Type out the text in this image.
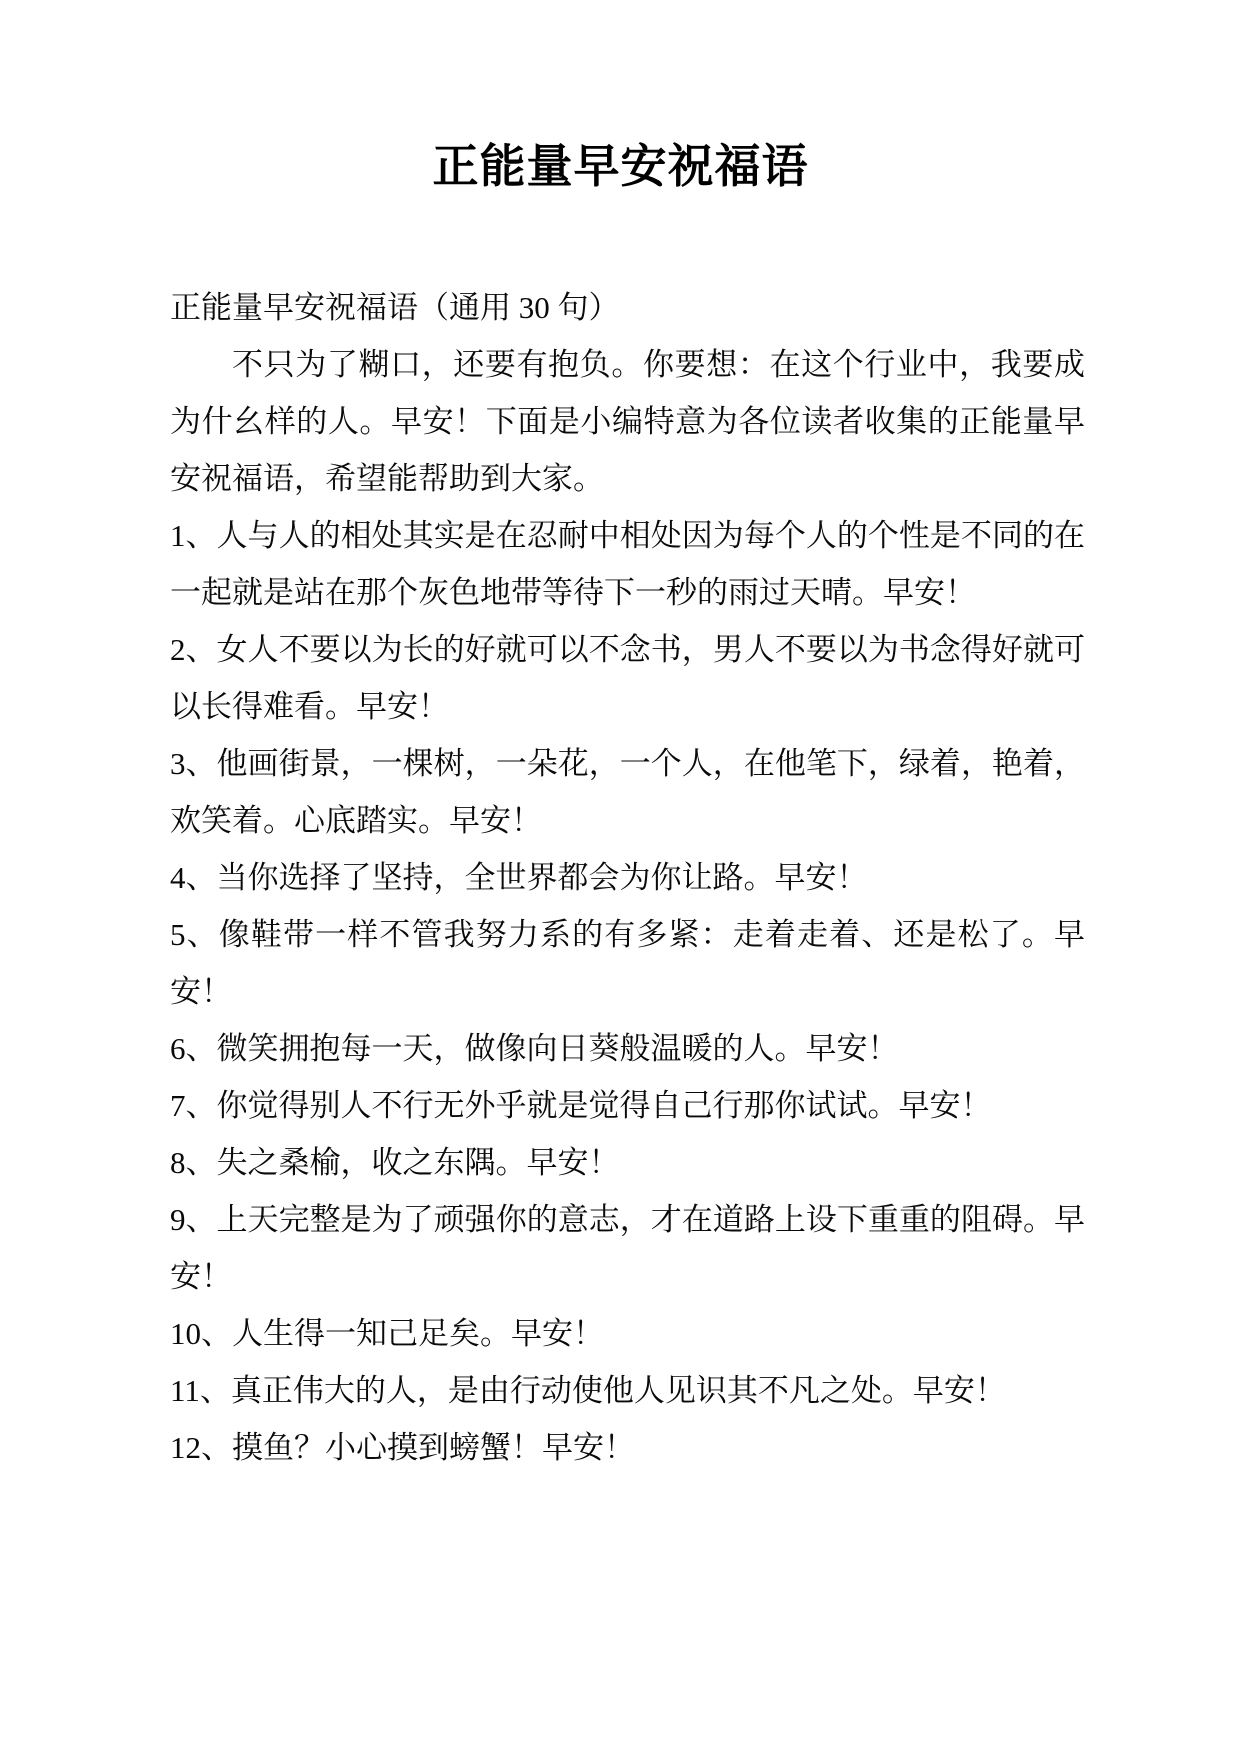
正能量早安祝福语

正能量早安祝福语（通用 30 句）

不只为了糊口，还要有抱负。你要想：在这个行业中，我要成为什幺样的人。早安！下面是小编特意为各位读者收集的正能量早安祝福语，希望能帮助到大家。

1、人与人的相处其实是在忍耐中相处因为每个人的个性是不同的在一起就是站在那个灰色地带等待下一秒的雨过天晴。早安！

2、女人不要以为长的好就可以不念书，男人不要以为书念得好就可以长得难看。早安！

3、他画街景，一棵树，一朵花，一个人，在他笔下，绿着，艳着，欢笑着。心底踏实。早安！

4、当你选择了坚持，全世界都会为你让路。早安！

5、像鞋带一样不管我努力系的有多紧：走着走着、还是松了。早安！

6、微笑拥抱每一天，做像向日葵般温暖的人。早安！

7、你觉得别人不行无外乎就是觉得自己行那你试试。早安！

8、失之桑榆，收之东隅。早安！

9、上天完整是为了顽强你的意志，才在道路上设下重重的阻碍。早安！

10、人生得一知己足矣。早安！

11、真正伟大的人，是由行动使他人见识其不凡之处。早安！

12、摸鱼？小心摸到螃蟹！早安！
